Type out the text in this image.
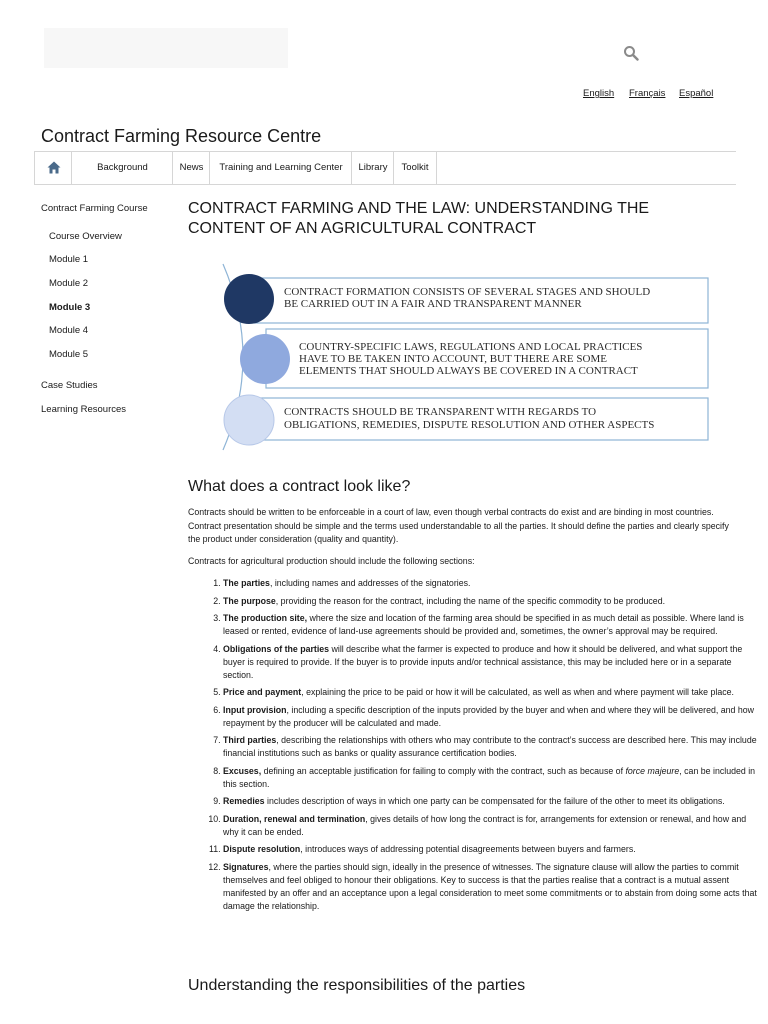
English Français Español
Contract Farming Resource Centre
Background	News	Training and Learning Center	Library	Toolkit
Contract Farming Course
Course Overview
Module 1
Module 2
Module 3
Module 4
Module 5
Case Studies
Learning Resources
CONTRACT FARMING AND THE LAW: UNDERSTANDING THE CONTENT OF AN AGRICULTURAL CONTRACT
CONTRACT FORMATION CONSISTS OF SEVERAL STAGES AND SHOULD
BE CARRIED OUT IN A FAIR AND TRANSPARENT MANNER
COUNTRY-SPECIFIC LAWS, REGULATIONS AND LOCAL PRACTICES
HAVE TO BE TAKEN INTO ACCOUNT, BUT THERE ARE SOME
ELEMENTS THAT SHOULD ALWAYS BE COVERED IN A CONTRACT
CONTRACTS SHOULD BE TRANSPARENT WITH REGARDS TO
OBLIGATIONS, REMEDIES, DISPUTE RESOLUTION AND OTHER ASPECTS
What does a contract look like?

Contracts should be written to be enforceable in a court of law, even though verbal contracts do exist and are binding in most countries. Contract presentation should be simple and the terms used understandable to all the parties. It should define the parties and clearly specify the product under consideration (quality and quantity).

Contracts for agricultural production should include the following sections:

1. The parties, including names and addresses of the signatories.
2. The purpose, providing the reason for the contract, including the name of the specific commodity to be produced.
3. The production site, where the size and location of the farming area should be specified in as much detail as possible. Where land is leased or rented, evidence of land-use agreements should be provided and, sometimes, the owner’s approval may be required.
4. Obligations of the parties will describe what the farmer is expected to produce and how it should be delivered, and what support the buyer is required to provide. If the buyer is to provide inputs and/or technical assistance, this may be included here or in a separate section.
5. Price and payment, explaining the price to be paid or how it will be calculated, as well as when and where payment will take place.
6. Input provision, including a specific description of the inputs provided by the buyer and when and where they will be delivered, and how repayment by the producer will be calculated and made.
7. Third parties, describing the relationships with others who may contribute to the contract’s success are described here. This may include financial institutions such as banks or quality assurance certification bodies.
8. Excuses, defining an acceptable justification for failing to comply with the contract, such as because of force majeure, can be included in this section.
9. Remedies includes description of ways in which one party can be compensated for the failure of the other to meet its obligations.
10. Duration, renewal and termination, gives details of how long the contract is for, arrangements for extension or renewal, and how and why it can be ended.
11. Dispute resolution, introduces ways of addressing potential disagreements between buyers and farmers.
12. Signatures, where the parties should sign, ideally in the presence of witnesses. The signature clause will allow the parties to commit themselves and feel obliged to honour their obligations. Key to success is that the parties realise that a contract is a mutual assent manifested by an offer and an acceptance upon a legal consideration to meet some commitments or to abstain from doing some acts that damage the relationship.
Understanding the responsibilities of the parties
